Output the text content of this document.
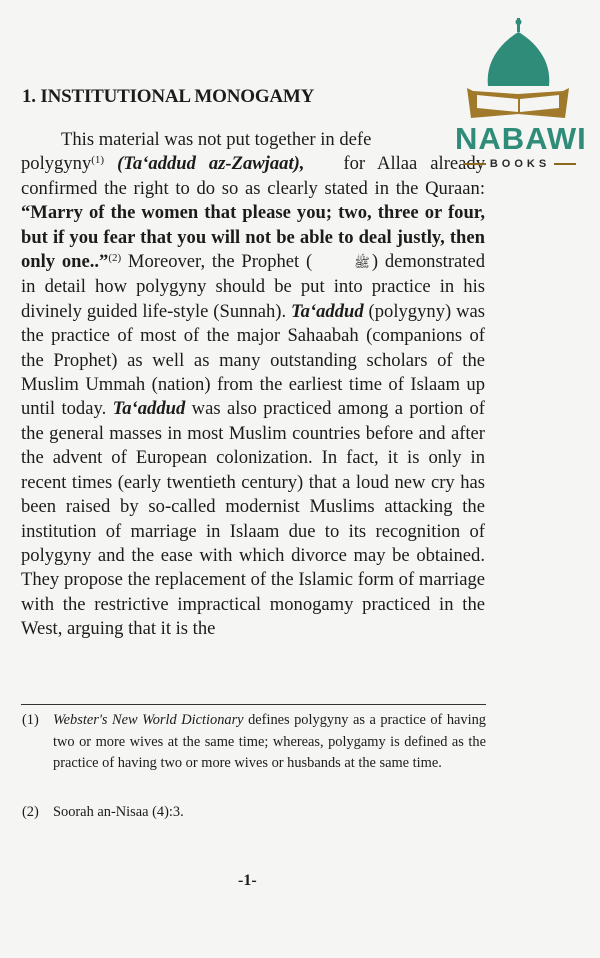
1. INSTITUTIONAL MONOGAMY

This material was not put together in defe
polygyny$^{(1)}$ (Ta‘addud az-Zawjaat), for Allaa already confirmed the right to do so as clearly stated in the Quraan: “Marry of the women that please you; two, three or four, but if you fear that you will not be able to deal justly, then only one..”$^{(2)}$ Moreover, the Prophet (	ﷺ ) demonstrated in detail how polygyny should be put into practice in his divinely guided life-style (Sunnah). Ta‘addud (polygyny) was the practice of most of the major Sahaabah (companions of the Prophet) as well as many outstanding scholars of the Muslim Ummah (nation) from the earliest time of Islaam up until today. Ta‘addud was also practiced among a portion of the general masses in most Muslim countries before and after the advent of European colonization. In fact, it is only in recent times (early twentieth century) that a loud new cry has been raised by so-called modernist Muslims attacking the institution of marriage in Islaam due to its recognition of polygyny and the ease with which divorce may be obtained. They propose the replacement of the Islamic form of marriage with the restrictive impractical monogamy practiced in the West, arguing that it is the

(1) Webster's New World Dictionary defines polygyny as a practice of having two or more wives at the same time; whereas, polygamy is defined as the practice of having two or more wives or husbands at the same time.
(2) Soorah an-Nisaa (4):3.
-1-
NABAWI
BOOKS
